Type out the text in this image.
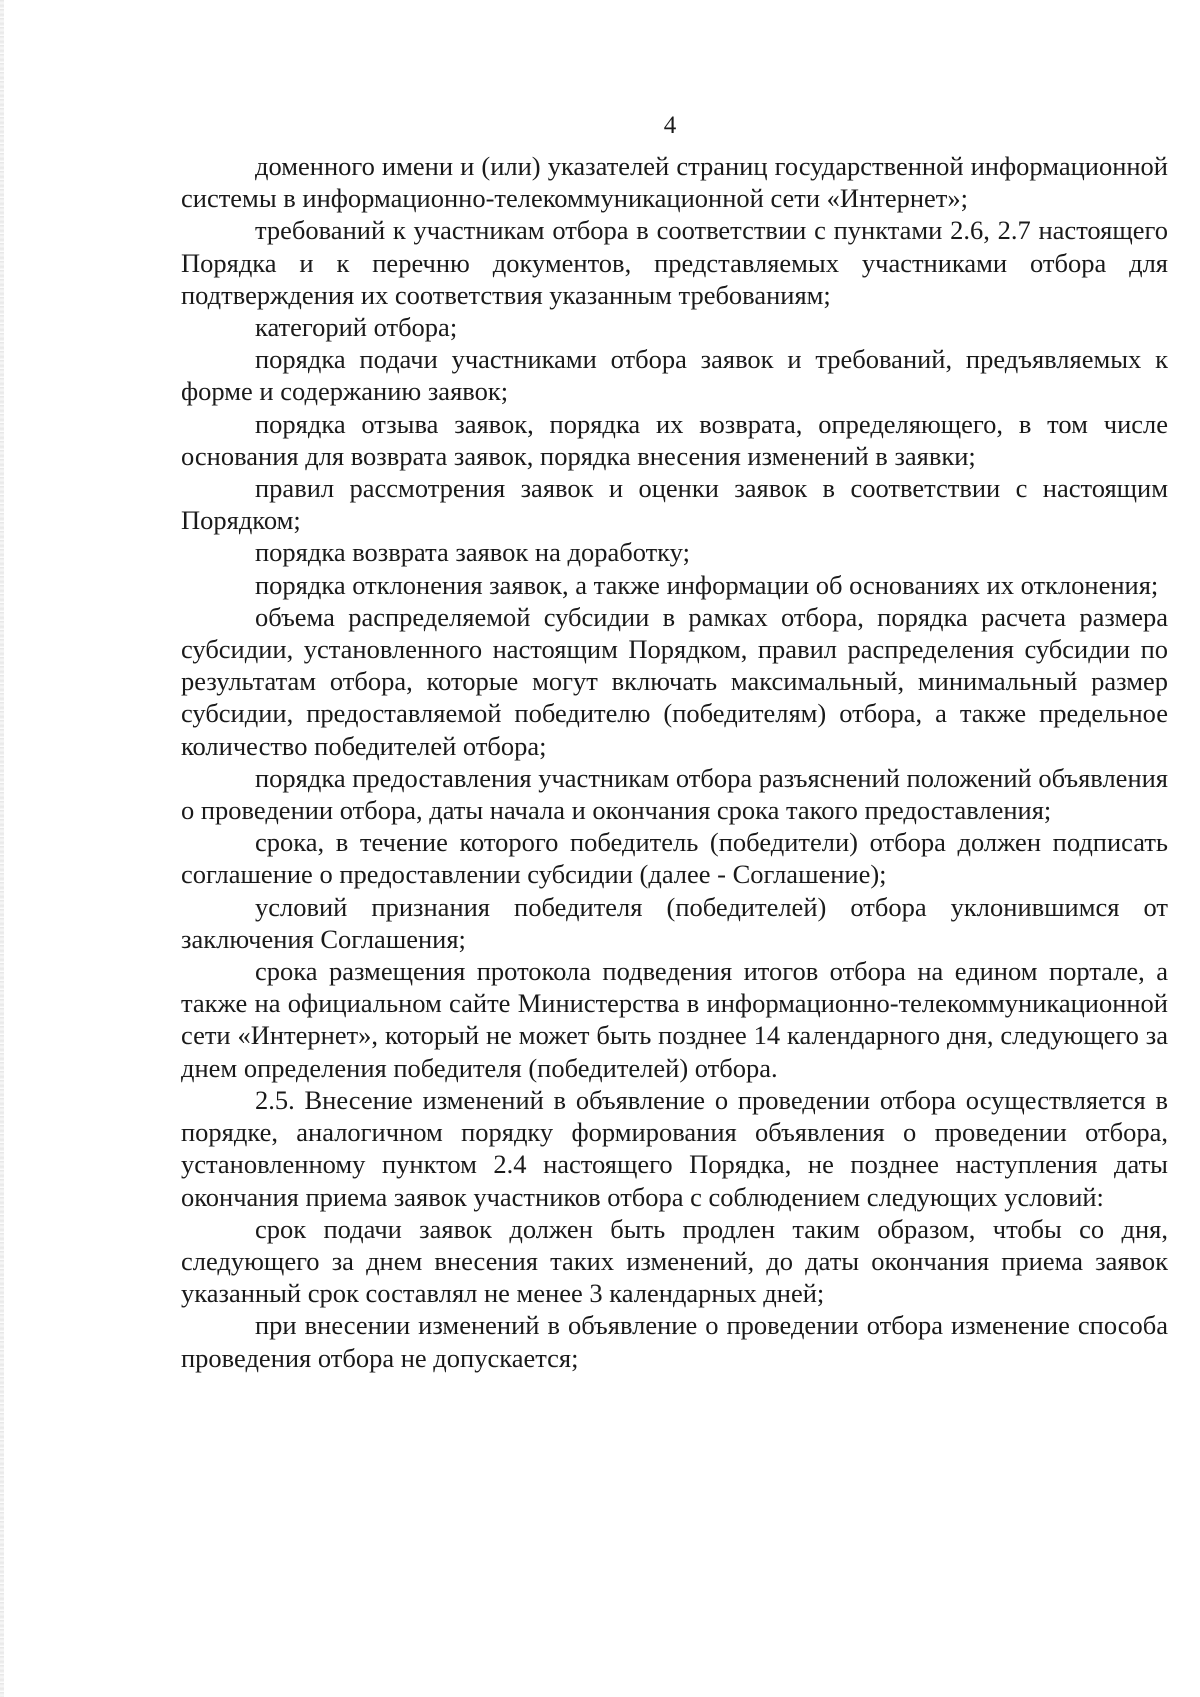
4

доменного имени и (или) указателей страниц государственной информационной системы в информационно-телекоммуникационной сети «Интернет»;

требований к участникам отбора в соответствии с пунктами 2.6, 2.7 настоящего Порядка и к перечню документов, представляемых участниками отбора для подтверждения их соответствия указанным требованиям;

категорий отбора;

порядка подачи участниками отбора заявок и требований, предъявляемых к форме и содержанию заявок;

порядка отзыва заявок, порядка их возврата, определяющего, в том числе основания для возврата заявок, порядка внесения изменений в заявки;

правил рассмотрения заявок и оценки заявок в соответствии с настоящим Порядком;

порядка возврата заявок на доработку;

порядка отклонения заявок, а также информации об основаниях их отклонения;

объема распределяемой субсидии в рамках отбора, порядка расчета размера субсидии, установленного настоящим Порядком, правил распределения субсидии по результатам отбора, которые могут включать максимальный, минимальный размер субсидии, предоставляемой победителю (победителям) отбора, а также предельное количество победителей отбора;

порядка предоставления участникам отбора разъяснений положений объявления о проведении отбора, даты начала и окончания срока такого предоставления;

срока, в течение которого победитель (победители) отбора должен подписать соглашение о предоставлении субсидии (далее - Соглашение);

условий признания победителя (победителей) отбора уклонившимся от заключения Соглашения;

срока размещения протокола подведения итогов отбора на едином портале, а также на официальном сайте Министерства в информационно-телекоммуникационной сети «Интернет», который не может быть позднее 14 календарного дня, следующего за днем определения победителя (победителей) отбора.

2.5. Внесение изменений в объявление о проведении отбора осуществляется в порядке, аналогичном порядку формирования объявления о проведении отбора, установленному пунктом 2.4 настоящего Порядка, не позднее наступления даты окончания приема заявок участников отбора с соблюдением следующих условий:

срок подачи заявок должен быть продлен таким образом, чтобы со дня, следующего за днем внесения таких изменений, до даты окончания приема заявок указанный срок составлял не менее 3 календарных дней;

при внесении изменений в объявление о проведении отбора изменение способа проведения отбора не допускается;
